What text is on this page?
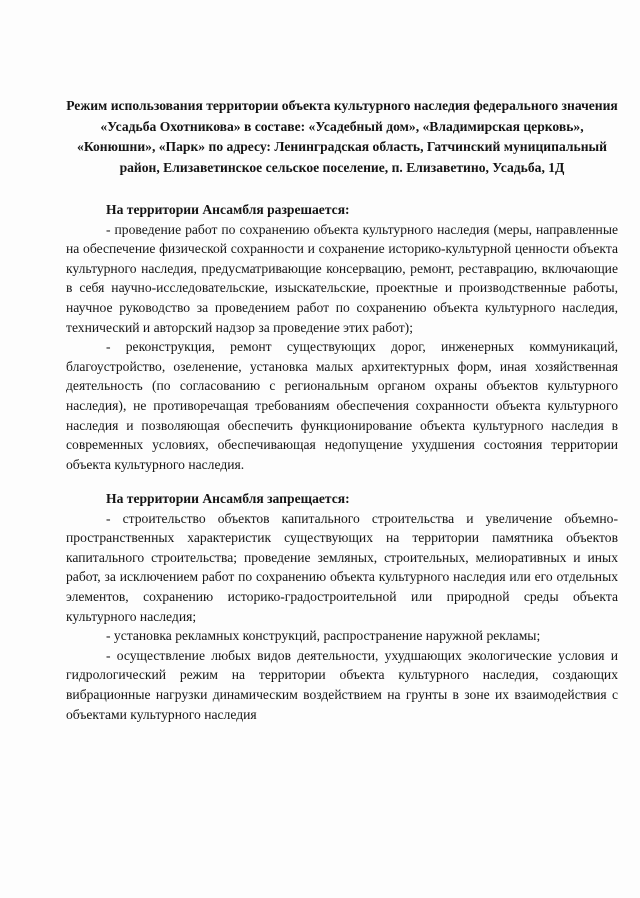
Режим использования территории объекта культурного наследия федерального значения «Усадьба Охотникова» в составе: «Усадебный дом», «Владимирская церковь», «Конюшни», «Парк» по адресу: Ленинградская область, Гатчинский муниципальный район, Елизаветинское сельское поселение, п. Елизаветино, Усадьба, 1Д

На территории Ансамбля разрешается:

- проведение работ по сохранению объекта культурного наследия (меры, направленные на обеспечение физической сохранности и сохранение историко-культурной ценности объекта культурного наследия, предусматривающие консервацию, ремонт, реставрацию, включающие в себя научно-исследовательские, изыскательские, проектные и производственные работы, научное руководство за проведением работ по сохранению объекта культурного наследия, технический и авторский надзор за проведение этих работ);

- реконструкция, ремонт существующих дорог, инженерных коммуникаций, благоустройство, озеленение, установка малых архитектурных форм, иная хозяйственная деятельность (по согласованию с региональным органом охраны объектов культурного наследия), не противоречащая требованиям обеспечения сохранности объекта культурного наследия и позволяющая обеспечить функционирование объекта культурного наследия в современных условиях, обеспечивающая недопущение ухудшения состояния территории объекта культурного наследия.

На территории Ансамбля запрещается:

- строительство объектов капитального строительства и увеличение объемно-пространственных характеристик существующих на территории памятника объектов капитального строительства; проведение земляных, строительных, мелиоративных и иных работ, за исключением работ по сохранению объекта культурного наследия или его отдельных элементов, сохранению историко-градостроительной или природной среды объекта культурного наследия;

- установка рекламных конструкций, распространение наружной рекламы;

- осуществление любых видов деятельности, ухудшающих экологические условия и гидрологический режим на территории объекта культурного наследия, создающих вибрационные нагрузки динамическим воздействием на грунты в зоне их взаимодействия с объектами культурного наследия
